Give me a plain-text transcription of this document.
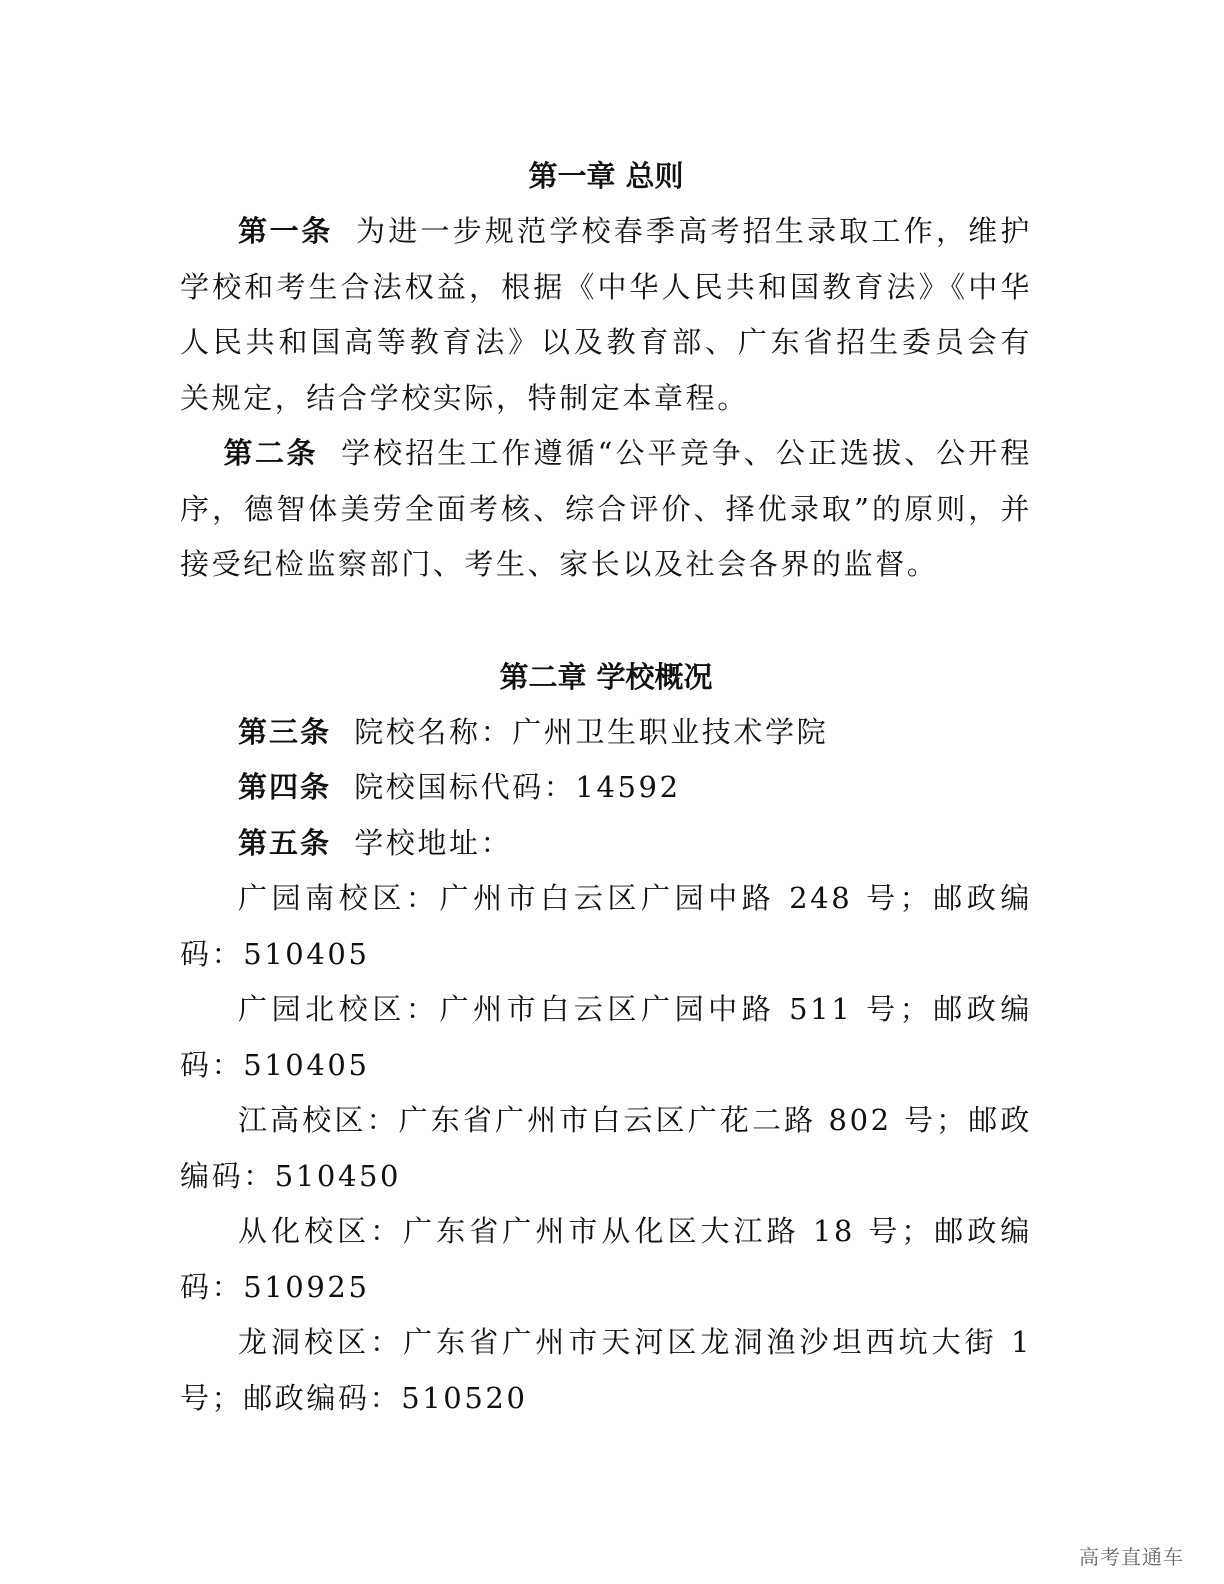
第一章 总则

第一条 为进一步规范学校春季高考招生录取工作，维护学校和考生合法权益，根据《中华人民共和国教育法》《中华人民共和国高等教育法》以及教育部、广东省招生委员会有关规定，结合学校实际，特制定本章程。

第二条 学校招生工作遵循“公平竞争、公正选拔、公开程序，德智体美劳全面考核、综合评价、择优录取”的原则，并接受纪检监察部门、考生、家长以及社会各界的监督。

第二章 学校概况

第三条 院校名称：广州卫生职业技术学院

第四条 院校国标代码：14592

第五条 学校地址：

广园南校区：广州市白云区广园中路 248 号；邮政编码：510405

广园北校区：广州市白云区广园中路 511 号；邮政编码：510405

江高校区：广东省广州市白云区广花二路 802 号；邮政编码：510450

从化校区：广东省广州市从化区大江路 18 号；邮政编码：510925

龙洞校区：广东省广州市天河区龙洞渔沙坦西坑大街 1 号；邮政编码：510520

高考直通车
